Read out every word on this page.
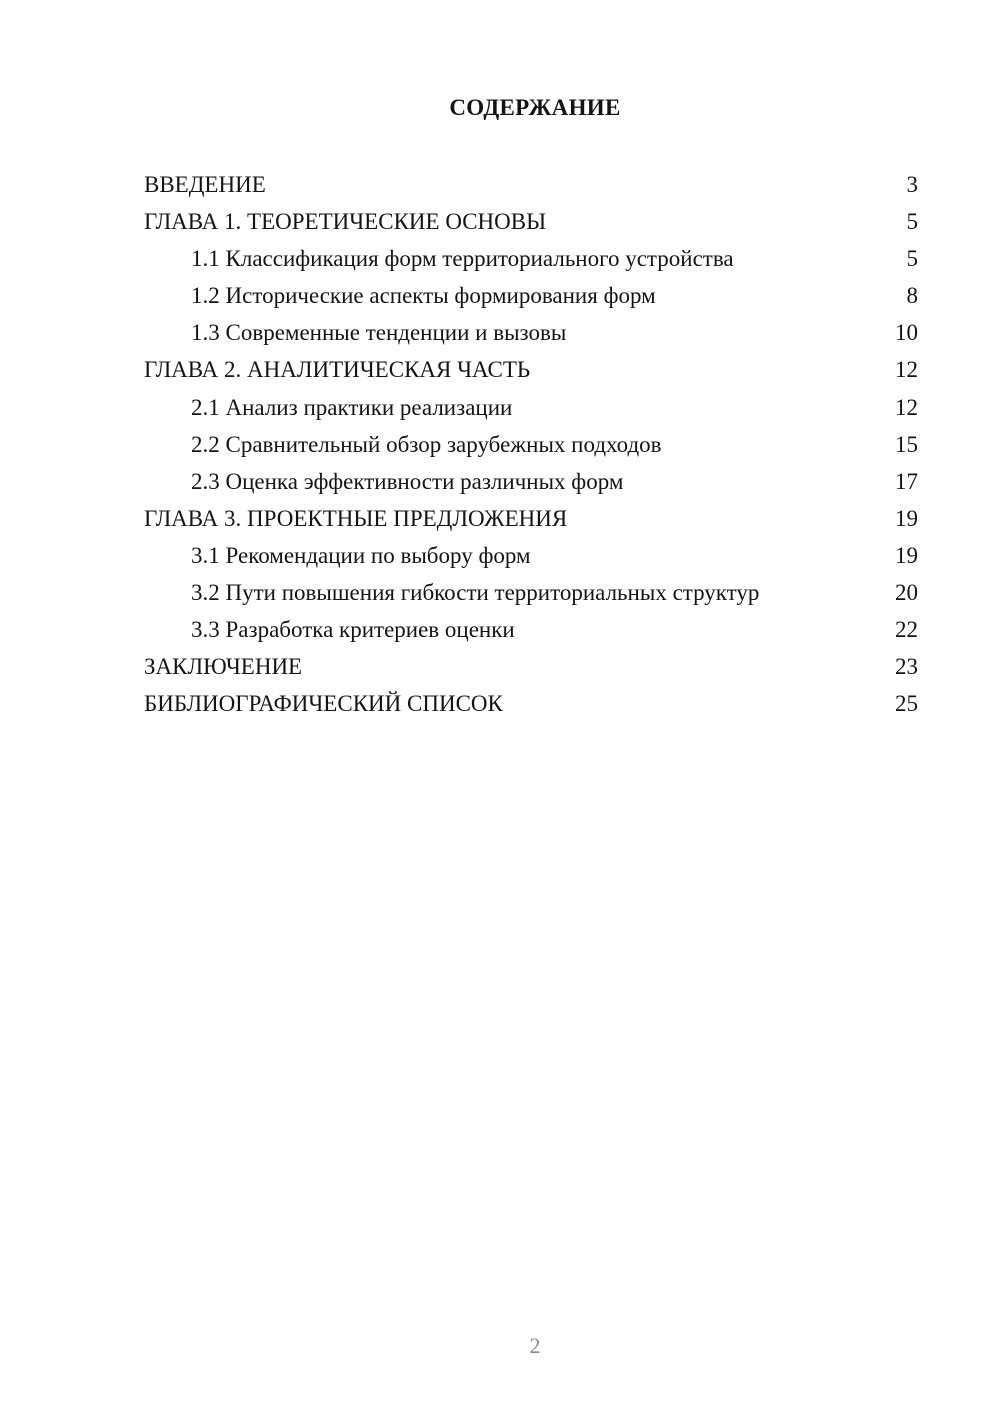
СОДЕРЖАНИЕ
ВВЕДЕНИЕ	3
ГЛАВА 1. ТЕОРЕТИЧЕСКИЕ ОСНОВЫ	5
1.1 Классификация форм территориального устройства	5
1.2 Исторические аспекты формирования форм	8
1.3 Современные тенденции и вызовы	10
ГЛАВА 2. АНАЛИТИЧЕСКАЯ ЧАСТЬ	12
2.1 Анализ практики реализации	12
2.2 Сравнительный обзор зарубежных подходов	15
2.3 Оценка эффективности различных форм	17
ГЛАВА 3. ПРОЕКТНЫЕ ПРЕДЛОЖЕНИЯ	19
3.1 Рекомендации по выбору форм	19
3.2 Пути повышения гибкости территориальных структур	20
3.3 Разработка критериев оценки	22
ЗАКЛЮЧЕНИЕ	23
БИБЛИОГРАФИЧЕСКИЙ СПИСОК	25
2
